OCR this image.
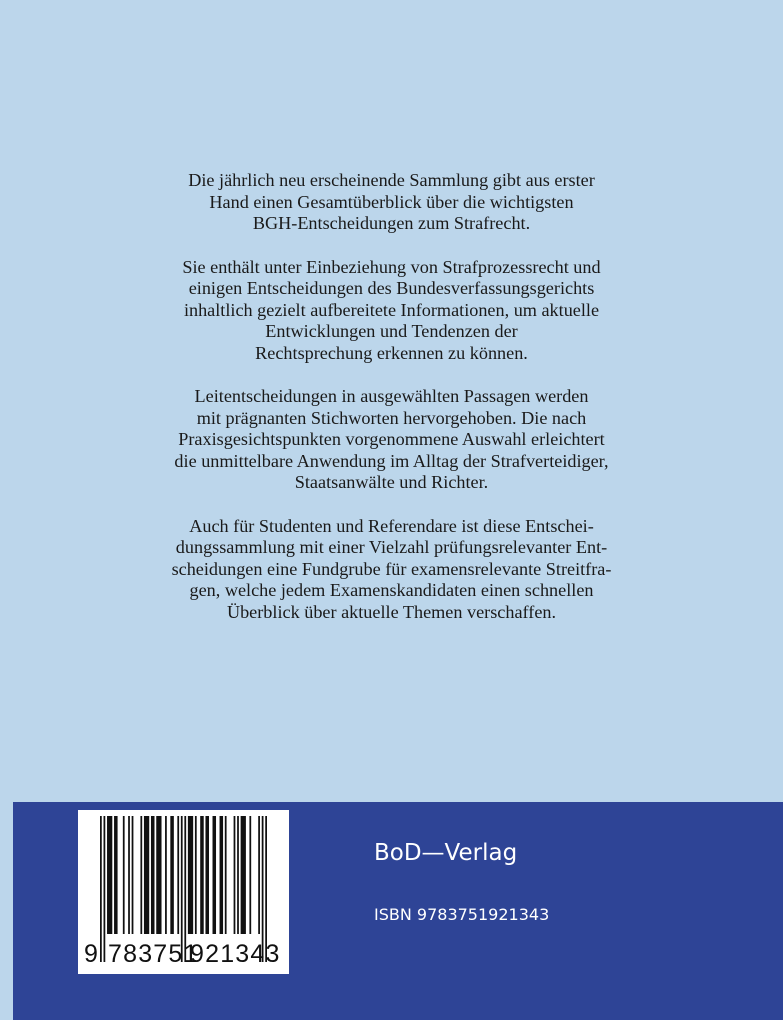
Die jährlich neu erscheinende Sammlung gibt aus erster
Hand einen Gesamtüberblick über die wichtigsten
BGH-Entscheidungen zum Strafrecht.

Sie enthält unter Einbeziehung von Strafprozessrecht und
einigen Entscheidungen des Bundesverfassungsgerichts
inhaltlich gezielt aufbereitete Informationen, um aktuelle
Entwicklungen und Tendenzen der
Rechtsprechung erkennen zu können.

Leitentscheidungen in ausgewählten Passagen werden
mit prägnanten Stichworten hervorgehoben. Die nach
Praxisgesichtspunkten vorgenommene Auswahl erleichtert
die unmittelbare Anwendung im Alltag der Strafverteidiger,
Staatsanwälte und Richter.

Auch für Studenten und Referendare ist diese Entschei-
dungssammlung mit einer Vielzahl prüfungsrelevanter Ent-
scheidungen eine Fundgrube für examensrelevante Streitfra-
gen, welche jedem Examenskandidaten einen schnellen
Überblick über aktuelle Themen verschaffen.

9 783751
921343
BoD—Verlag
ISBN 9783751921343
